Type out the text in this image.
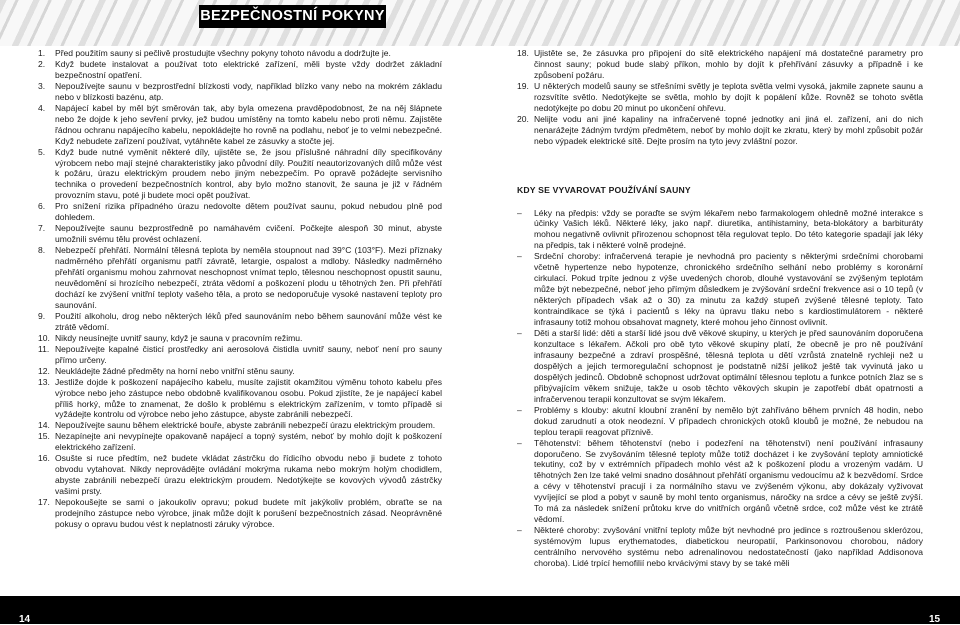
BEZPEČNOSTNÍ POKYNY
1. Před použitím sauny si pečlivě prostudujte všechny pokyny tohoto návodu a dodržujte je.
2. Když budete instalovat a používat toto elektrické zařízení, měli byste vždy dodržet základní bezpečnostní opatření.
3. Nepoužívejte saunu v bezprostřední blízkosti vody, například blízko vany nebo na mokrém základu nebo v blízkosti bazénu, atp.
4. Napájecí kabel by měl být směrován tak, aby byla omezena pravděpodobnost, že na něj šlápnete nebo že dojde k jeho sevření prvky, jež budou umístěny na tomto kabelu nebo proti němu. Zajistěte řádnou ochranu napájecího kabelu, nepokládejte ho rovně na podlahu, neboť je to velmi nebezpečné. Když nebudete zařízení používat, vytáhněte kabel ze zásuvky a stočte jej.
5. Když bude nutné vyměnit některé díly, ujistěte se, že jsou příslušné náhradní díly specifikovány výrobcem nebo mají stejné charakteristiky jako původní díly. Použití neautorizovaných dílů může vést k požáru, úrazu elektrickým proudem nebo jiným nebezpečím. Po opravě požádejte servisního technika o provedení bezpečnostních kontrol, aby bylo možno stanovit, že sauna je již v řádném provozním stavu, poté ji budete moci opět používat.
6. Pro snížení rizika případného úrazu nedovolte dětem používat saunu, pokud nebudou plně pod dohledem.
7. Nepoužívejte saunu bezprostředně po namáhavém cvičení. Počkejte alespoň 30 minut, abyste umožnili svému tělu provést ochlazení.
8. Nebezpečí přehřátí. Normální tělesná teplota by neměla stoupnout nad 39°C (103°F). Mezi příznaky nadměrného přehřátí organismu patří závratě, letargie, ospalost a mdloby. Následky nadměrného přehřátí organismu mohou zahrnovat neschopnost vnímat teplo, tělesnou neschopnost opustit saunu, neuvědomění si hrozícího nebezpečí, ztráta vědomí a poškození plodu u těhotných žen. Při přehřátí dochází ke zvýšení vnitřní teploty vašeho těla, a proto se nedoporučuje vysoké nastavení teploty pro saunování.
9. Použití alkoholu, drog nebo některých léků před saunováním nebo během saunování může vést ke ztrátě vědomí.
10. Nikdy neusínejte uvnitř sauny, když je sauna v pracovním režimu.
11. Nepoužívejte kapalné čisticí prostředky ani aerosolová čistidla uvnitř sauny, neboť není pro sauny přímo určeny.
12. Neukládejte žádné předměty na horní nebo vnitřní stěnu sauny.
13. Jestliže dojde k poškození napájecího kabelu, musíte zajistit okamžitou výměnu tohoto kabelu přes výrobce nebo jeho zástupce nebo obdobně kvalifikovanou osobu. Pokud zjistíte, že je napájecí kabel příliš horký, může to znamenat, že došlo k problému s elektrickým zařízením, v tomto případě si vyžádejte kontrolu od výrobce nebo jeho zástupce, abyste zabránili nebezpečí.
14. Nepoužívejte saunu během elektrické bouře, abyste zabránili nebezpečí úrazu elektrickým proudem.
15. Nezapínejte ani nevypínejte opakovaně napájecí a topný systém, neboť by mohlo dojít k poškození elektrického zařízení.
16. Osušte si ruce předtím, než budete vkládat zástrčku do řídicího obvodu nebo ji budete z tohoto obvodu vytahovat. Nikdy neprovádějte ovládání mokrýma rukama nebo mokrým holým chodidlem, abyste zabránili nebezpečí úrazu elektrickým proudem. Nedotýkejte se kovových vývodů zástrčky vašimi prsty.
17. Nepokoušejte se sami o jakoukoliv opravu; pokud budete mít jakýkoliv problém, obraťte se na prodejního zástupce nebo výrobce, jinak může dojít k porušení bezpečnostních zásad. Neoprávněné pokusy o opravu budou vést k neplatnosti záruky výrobce.
18. Ujistěte se, že zásuvka pro připojení do sítě elektrického napájení má dostatečné parametry pro činnost sauny; pokud bude slabý příkon, mohlo by dojít k přehřívání zásuvky a případně i ke způsobení požáru.
19. U některých modelů sauny se střešními světly je teplota světla velmi vysoká, jakmile zapnete saunu a rozsvítíte světlo. Nedotýkejte se světla, mohlo by dojít k popálení kůže. Rovněž se tohoto světla nedotýkejte po dobu 20 minut po ukončení ohřevu.
20. Nelijte vodu ani jiné kapaliny na infračervené topné jednotky ani jiná el. zařízení, ani do nich nenarážejte žádným tvrdým předmětem, neboť by mohlo dojít ke zkratu, který by mohl způsobit požár nebo výpadek elektrické sítě. Dejte prosím na tyto jevy zvláštní pozor.
KDY SE VYVAROVAT POUŽÍVÁNÍ SAUNY
– Léky na předpis: vždy se poraďte se svým lékařem nebo farmakologem ohledně možné interakce s účinky Vašich léků. Některé léky, jako např. diuretika, antihistaminy, beta-blokátory a barbituráty mohou negativně ovlivnit přirozenou schopnost těla regulovat teplo. Do této kategorie spadají jak léky na předpis, tak i některé volně prodejné.
– Srdeční choroby: infračervená terapie je nevhodná pro pacienty s některými srdečními chorobami včetně hypertenze nebo hypotenze, chronického srdečního selhání nebo problémy s koronární cirkulací. Pokud trpíte jednou z výše uvedených chorob, dlouhé vystavování se zvýšeným teplotám může být nebezpečné, neboť jeho přímým důsledkem je zvýšování srdeční frekvence asi o 10 tepů (v některých případech však až o 30) za minutu za každý stupeň zvýšené tělesné teploty. Tato kontraindikace se týká i pacientů s léky na úpravu tlaku nebo s kardiostimulátorem - některé infrasauny totiž mohou obsahovat magnety, které mohou jeho činnost ovlivnit.
– Děti a starší lidé: děti a starší lidé jsou dvě věkové skupiny, u kterých je před saunováním doporučena konzultace s lékařem. Ačkoli pro obě tyto věkové skupiny platí, že obecně je pro ně používání infrasauny bezpečné a zdraví prospěšné, tělesná teplota u dětí vzrůstá znatelně rychleji než u dospělých a jejich termoregulační schopnost je podstatně nižší jelikož ještě tak vyvinutá jako u dospělých jedinců. Obdobně schopnost udržovat optimální tělesnou teplotu a funkce potních žlaz se s přibývajícím věkem snižuje, takže u osob těchto věkových skupin je zapotřebí dbát opatrnosti a infračervenou terapii konzultovat se svým lékařem.
– Problémy s klouby: akutní kloubní zranění by nemělo být zahříváno během prvních 48 hodin, nebo dokud zarudnutí a otok neodezní. V případech chronických otoků kloubů je možné, že nebudou na teplou terapii reagovat příznivě.
– Těhotenství: během těhotenství (nebo i podezření na těhotenství) není používání infrasauny doporučeno. Se zvyšováním tělesné teploty může totiž docházet i ke zvyšování teploty amniotické tekutiny, což by v extrémních případech mohlo vést až k poškození plodu a vrozeným vadám. U těhotných žen lze také velmi snadno dosáhnout přehřátí organismu vedoucímu až k bezvědomí. Srdce a cévy v těhotenství pracují i za normálního stavu ve zvýšeném výkonu, aby dokázaly vyživovat vyvíjející se plod a pobyt v sauně by mohl tento organismus, náročky na srdce a cévy se ještě zvýší. To má za následek snížení průtoku krve do vnitřních orgánů včetně srdce, což může vést ke ztrátě vědomí.
– Některé choroby: zvyšování vnitřní teploty může být nevhodné pro jedince s roztroušenou sklerózou, systémovým lupus erythematodes, diabetickou neuropatií, Parkinsonovou chorobou, nádory centrálního nervového systému nebo adrenalinovou nedostatečností (jako například Addisonova choroba). Lidé trpící hemofilií nebo krvácivými stavy by se také měli
14	15
